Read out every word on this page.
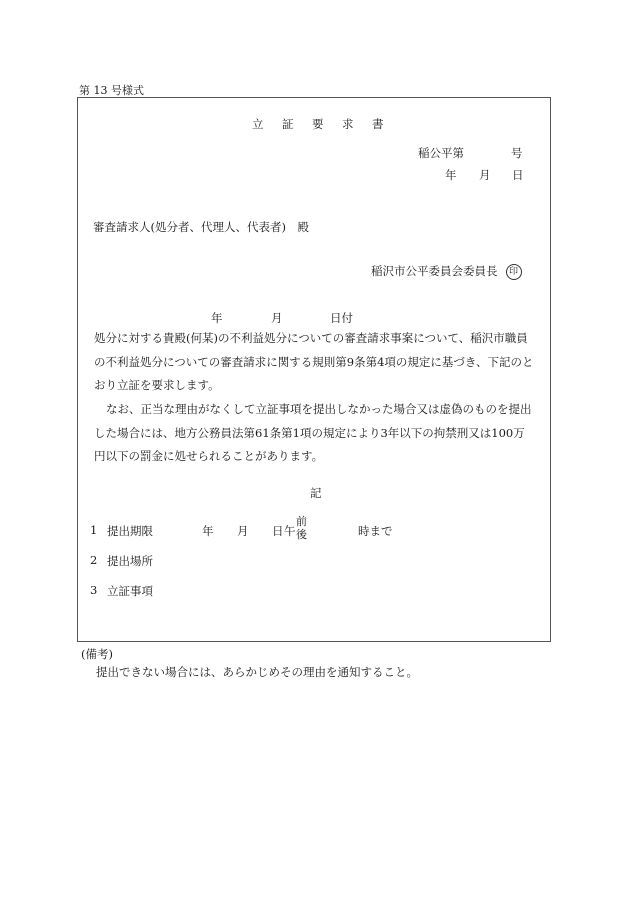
第 13 号様式
立 証 要 求 書
稲公平第	号
年 月 日
審査請求人(処分者、代理人、代表者)　殿
稲沢市公平委員会委員長 印
年	月	日付
処分に対する貴殿(何某)の不利益処分についての審査請求事案について、稲沢市職員の不利益処分についての審査請求に関する規則第9条第4項の規定に基づき、下記のとおり立証を要求します。
なお、正当な理由がなくして立証事項を提出しなかった場合又は虚偽のものを提出した場合には、地方公務員法第61条第1項の規定により3年以下の拘禁刑又は100万円以下の罰金に処せられることがあります。
記
1 提出期限	年 月 日 午
前
後	時まで
2 提出場所
3 立証事項
(備考)
提出できない場合には、あらかじめその理由を通知すること。
